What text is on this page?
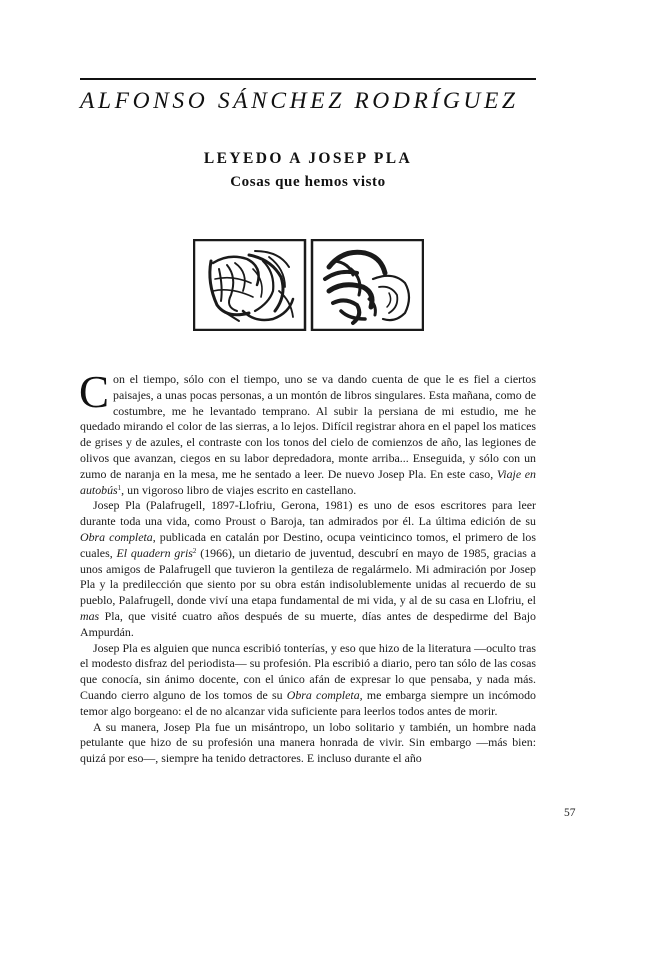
ALFONSO SÁNCHEZ RODRÍGUEZ
LEYEDO A JOSEP PLA
Cosas que hemos visto

Con el tiempo, sólo con el tiempo, uno se va dando cuenta de que le es fiel a ciertos paisajes, a unas pocas personas, a un montón de libros singulares. Esta mañana, como de costumbre, me he levantado temprano. Al subir la persiana de mi estudio, me he quedado mirando el color de las sierras, a lo lejos. Difícil registrar ahora en el papel los matices de grises y de azules, el contraste con los tonos del cielo de comienzos de año, las legiones de olivos que avanzan, ciegos en su labor depredadora, monte arriba... Enseguida, y sólo con un zumo de naranja en la mesa, me he sentado a leer. De nuevo Josep Pla. En este caso, Viaje en autobús$^1$, un vigoroso libro de viajes escrito en castellano.

Josep Pla (Palafrugell, 1897-Llofriu, Gerona, 1981) es uno de esos escritores para leer durante toda una vida, como Proust o Baroja, tan admirados por él. La última edición de su Obra completa, publicada en catalán por Destino, ocupa veinticinco tomos, el primero de los cuales, El quadern gris$^2$ (1966), un dietario de juventud, descubrí en mayo de 1985, gracias a unos amigos de Palafrugell que tuvieron la gentileza de regalármelo. Mi admiración por Josep Pla y la predilección que siento por su obra están indisolublemente unidas al recuerdo de su pueblo, Palafrugell, donde viví una etapa fundamental de mi vida, y al de su casa en Llofriu, el mas Pla, que visité cuatro años después de su muerte, días antes de despedirme del Bajo Ampurdán.

Josep Pla es alguien que nunca escribió tonterías, y eso que hizo de la literatura —oculto tras el modesto disfraz del periodista— su profesión. Pla escribió a diario, pero tan sólo de las cosas que conocía, sin ánimo docente, con el único afán de expresar lo que pensaba, y nada más. Cuando cierro alguno de los tomos de su Obra completa, me embarga siempre un incómodo temor algo borgeano: el de no alcanzar vida suficiente para leerlos todos antes de morir.

A su manera, Josep Pla fue un misántropo, un lobo solitario y también, un hombre nada petulante que hizo de su profesión una manera honrada de vivir. Sin embargo —más bien: quizá por eso—, siempre ha tenido detractores. E incluso durante el año

57
